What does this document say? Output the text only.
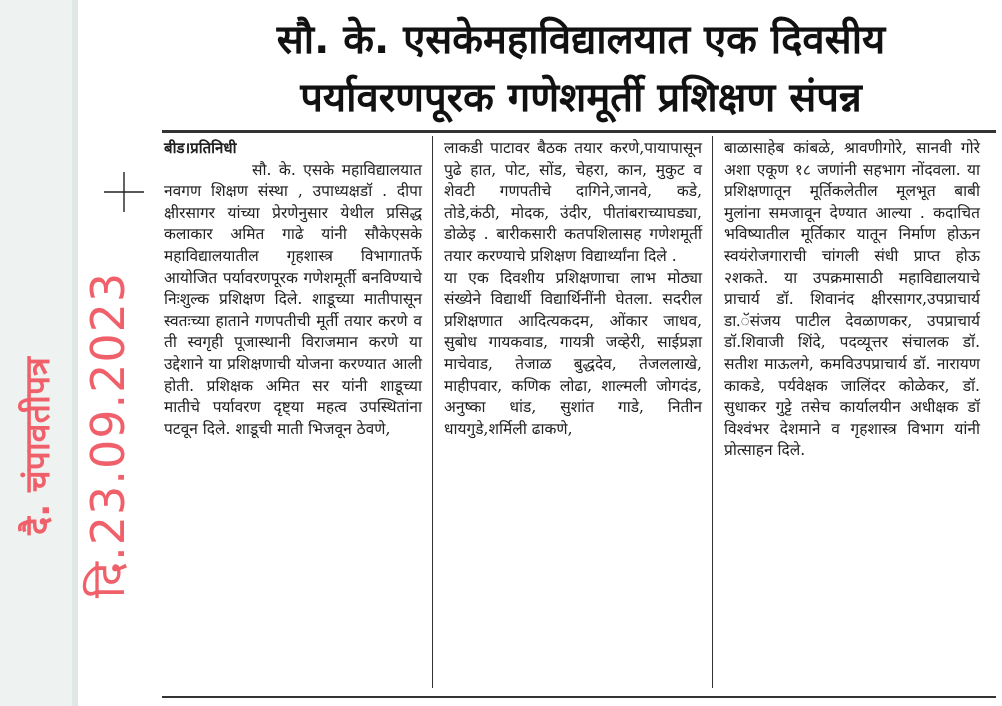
दै. चंपावतीपत्र दि.23.09.2023
सौ. के. एसकेमहाविद्यालयात एक दिवसीय
पर्यावरणपूरक गणेशमूर्ती प्रशिक्षण संपन्न

बीड।प्रतिनिधी

सौ. के. एसके महाविद्यालयात नवगण शिक्षण संस्था , उपाध्यक्षडॉ . दीपा क्षीरसागर यांच्या प्रेरणेनुसार येथील प्रसिद्ध कलाकार अमित गाढे यांनी सौकेएसके महाविद्यालयातील गृहशास्त्र विभागातर्फे आयोजित पर्यावरणपूरक गणेशमूर्ती बनविण्याचे निःशुल्क प्रशिक्षण दिले. शाडूच्या मातीपासून स्वतःच्या हाताने गणपतीची मूर्ती तयार करणे व ती स्वगृही पूजास्थानी विराजमान करणे या उद्देशाने या प्रशिक्षणाची योजना करण्यात आली होती. प्रशिक्षक अमित सर यांनी शाडूच्या मातीचे पर्यावरण दृष्ट्या महत्व उपस्थितांना पटवून दिले. शाडूची माती भिजवून ठेवणे,

लाकडी पाटावर बैठक तयार करणे,पायापासून पुढे हात, पोट, सोंड, चेहरा, कान, मुकुट व शेवटी गणपतीचे दागिने,जानवे, कडे, तोडे,कंठी, मोदक, उंदीर, पीतांबराच्याघड्या, डोळेइ . बारीकसारी कतपशिलासह गणेशमूर्ती तयार करण्याचे प्रशिक्षण विद्यार्थ्यांना दिले .

या एक दिवशीय प्रशिक्षणाचा लाभ मोठ्या संख्येने विद्यार्थी विद्यार्थिनींनी घेतला. सदरील प्रशिक्षणात आदित्यकदम, ओंकार जाधव, सुबोध गायकवाड, गायत्री जव्हेरी, साईप्रज्ञा माचेवाड, तेजाळ बुद्धदेव, तेजललाखे, माहीपवार, कणिक लोढा, शाल्मली जोगदंड, अनुष्का धांड, सुशांत गाडे, नितीन धायगुडे,शर्मिली ढाकणे,

बाळासाहेब कांबळे, श्रावणीगोरे, सानवी गोरे अशा एकूण १८ जणांनी सहभाग नोंदवला. या प्रशिक्षणातून मूर्तिकलेतील मूलभूत बाबी मुलांना समजावून देण्यात आल्या . कदाचित भविष्यातील मूर्तिकार यातून निर्माण होऊन स्वयंरोजगाराची चांगली संधी प्राप्त होऊ २शकते. या उपक्रमासाठी महाविद्यालयाचे प्राचार्य डॉ. शिवानंद क्षीरसागर,उपप्राचार्य डा.ॅसंजय पाटील देवळाणकर, उपप्राचार्य डॉ.शिवाजी शिंदे, पदव्यूत्तर संचालक डॉ. सतीश माऊलगे, कमविउपप्राचार्य डॉ. नारायण काकडे, पर्यवेक्षक जालिंदर कोळेकर, डॉ. सुधाकर गुट्टे तसेच कार्यालयीन अधीक्षक डॉ विश्वंभर देशमाने व गृहशास्त्र विभाग यांनी प्रोत्साहन दिले.
